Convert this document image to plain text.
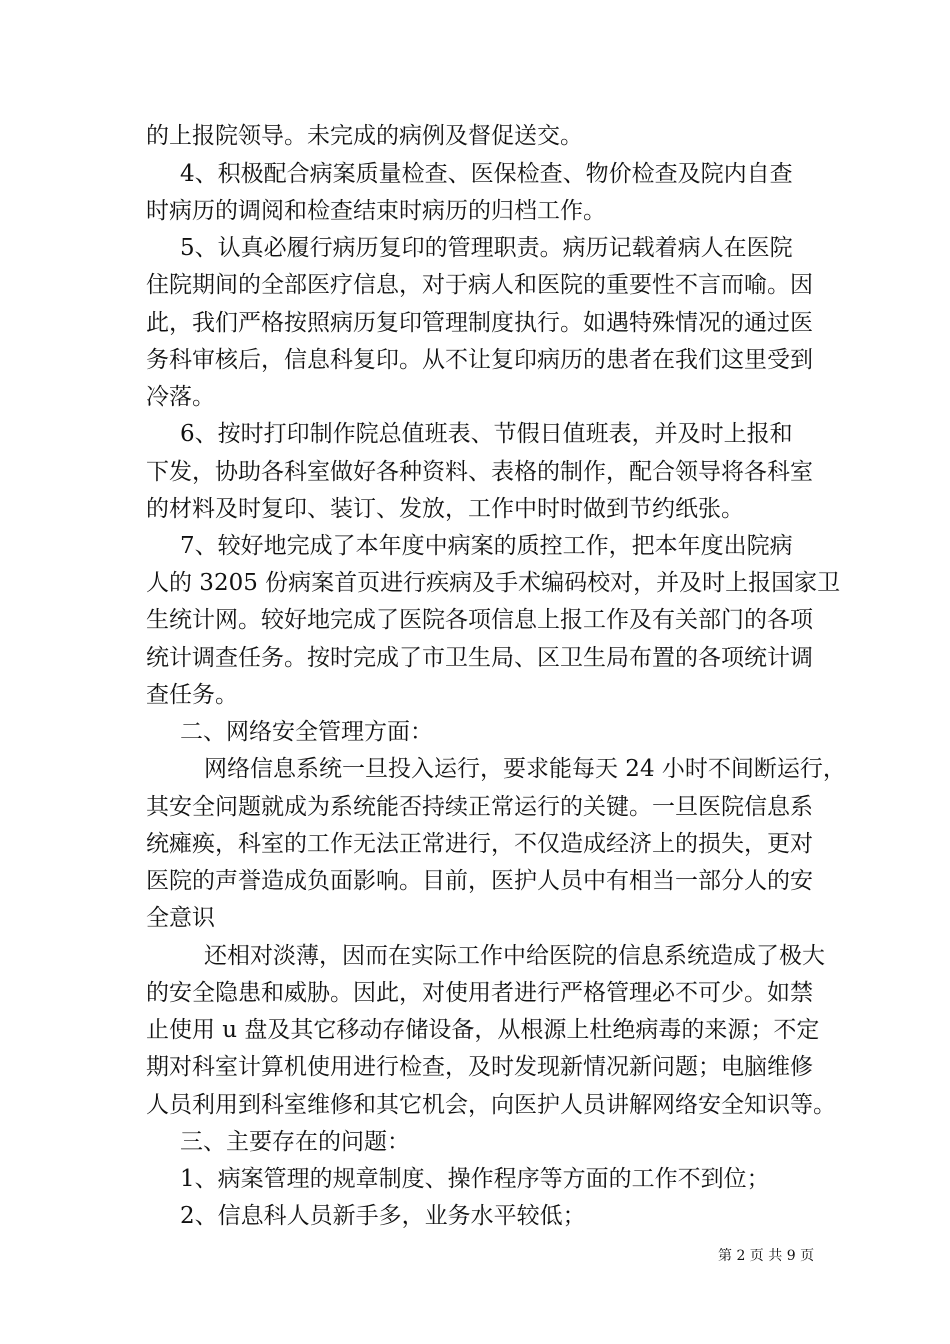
的上报院领导。未完成的病例及督促送交。
4、积极配合病案质量检查、医保检查、物价检查及院内自查
时病历的调阅和检查结束时病历的归档工作。
5、认真必履行病历复印的管理职责。病历记载着病人在医院
住院期间的全部医疗信息，对于病人和医院的重要性不言而喻。因
此，我们严格按照病历复印管理制度执行。如遇特殊情况的通过医
务科审核后，信息科复印。从不让复印病历的患者在我们这里受到
冷落。
6、按时打印制作院总值班表、节假日值班表，并及时上报和
下发，协助各科室做好各种资料、表格的制作，配合领导将各科室
的材料及时复印、装订、发放，工作中时时做到节约纸张。
7、较好地完成了本年度中病案的质控工作，把本年度出院病
人的 3205 份病案首页进行疾病及手术编码校对，并及时上报国家卫
生统计网。较好地完成了医院各项信息上报工作及有关部门的各项
统计调查任务。按时完成了市卫生局、区卫生局布置的各项统计调
查任务。
二、网络安全管理方面：
网络信息系统一旦投入运行，要求能每天 24 小时不间断运行，
其安全问题就成为系统能否持续正常运行的关键。一旦医院信息系
统瘫痪，科室的工作无法正常进行，不仅造成经济上的损失，更对
医院的声誉造成负面影响。目前，医护人员中有相当一部分人的安
全意识
还相对淡薄，因而在实际工作中给医院的信息系统造成了极大
的安全隐患和威胁。因此，对使用者进行严格管理必不可少。如禁
止使用 u 盘及其它移动存储设备，从根源上杜绝病毒的来源；不定
期对科室计算机使用进行检查，及时发现新情况新问题；电脑维修
人员利用到科室维修和其它机会，向医护人员讲解网络安全知识等。
三、主要存在的问题：
1、病案管理的规章制度、操作程序等方面的工作不到位；
2、信息科人员新手多，业务水平较低；
第 2 页 共 9 页
